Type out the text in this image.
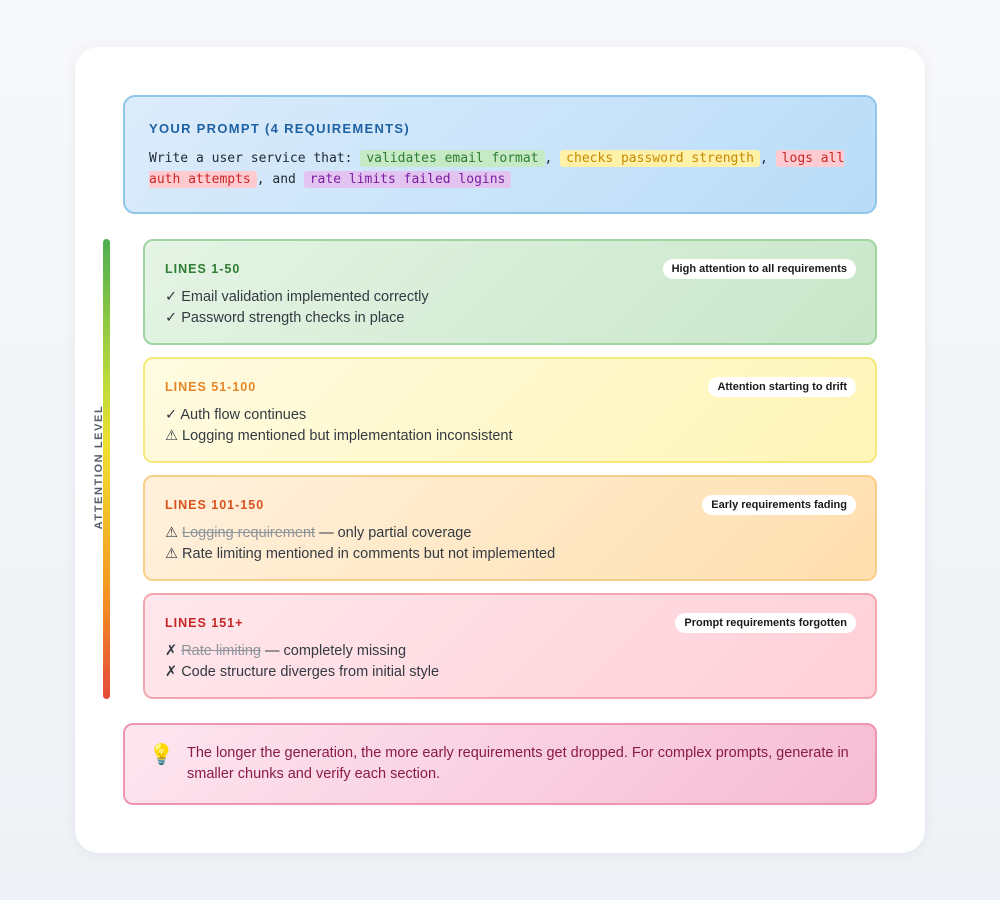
YOUR PROMPT (4 REQUIREMENTS)
Write a user service that: validates email format , checks password strength , logs all auth attempts , and rate limits failed logins
ATTENTION LEVEL
LINES 1-50	High attention to all requirements
✓ Email validation implemented correctly
✓ Password strength checks in place
LINES 51-100	Attention starting to drift
✓ Auth flow continues
⚠ Logging mentioned but implementation inconsistent
LINES 101-150	Early requirements fading
⚠ Logging requirement — only partial coverage
⚠ Rate limiting mentioned in comments but not implemented
LINES 151+	Prompt requirements forgotten
✗ Rate limiting — completely missing
✗ Code structure diverges from initial style
💡 The longer the generation, the more early requirements get dropped. For complex prompts, generate in smaller chunks and verify each section.
